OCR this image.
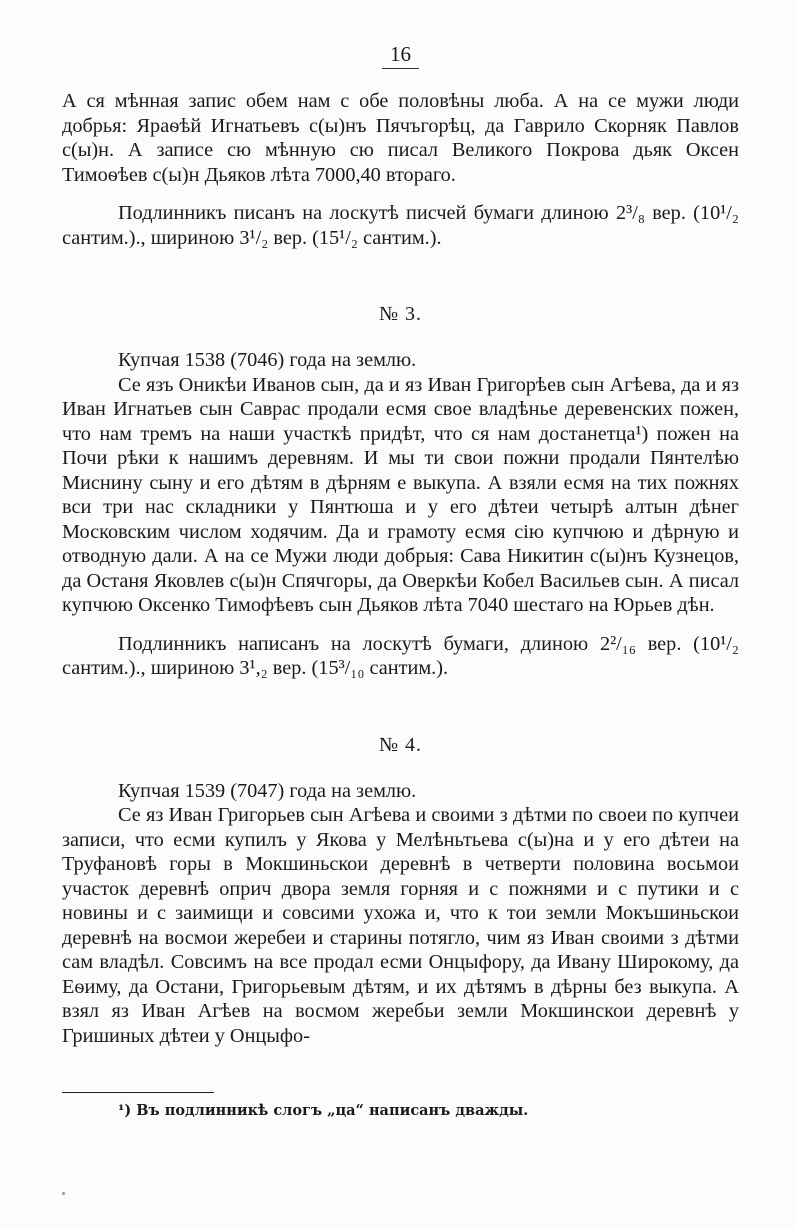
16

А ся мѣнная запис обем нам с обе половѣны люба. А на се мужи люди добрья: Яраѳѣй Игнатьевъ с(ы)нъ Пячъгорѣц, да Гаврило Скорняк Павлов с(ы)н. А записе сю мѣнную сю писал Великого Покрова дьяк Оксен Тимоѳѣев с(ы)н Дьяков лѣта 7000,40 втораго.

Подлинникъ писанъ на лоскутѣ писчей бумаги длиною 2³/₈ вер. (10¹/₂ сантим.)., шириною 3¹/₂ вер. (15¹/₂ сантим.).

№ 3.

Купчая 1538 (7046) года на землю.

Се язъ Оникѣи Иванов сын, да и яз Иван Григорѣев сын Агѣева, да и яз Иван Игнатьев сын Саврас продали есмя свое владѣнье деревенских пожен, что нам тремъ на наши участкѣ придѣт, что ся нам достанетца¹) пожен на Почи рѣки к нашимъ деревням. И мы ти свои пожни продали Пянтелѣю Миснину сыну и его дѣтям в дѣрням е выкупа. А взяли есмя на тих пожнях вси три нас складники у Пянтюша и у его дѣтеи четырѣ алтын дѣнег Московским числом ходячим. Да и грамоту есмя сiю купчюю и дѣрную и отводную дали. А на се Мужи люди добрыя: Сава Никитин с(ы)нъ Кузнецов, да Останя Яковлев с(ы)н Спячгоры, да Оверкѣи Кобел Васильев сын. А писал купчюю Оксенко Тимофѣевъ сын Дьяков лѣта 7040 шестаго на Юрьев дѣн.

Подлинникъ написанъ на лоскутѣ бумаги, длиною 2²/₁₆ вер. (10¹/₂ сантим.)., шириною 3¹,₂ вер. (15³/₁₀ сантим.).

№ 4.

Купчая 1539 (7047) года на землю.

Се яз Иван Григорьев сын Агѣева и своими з дѣтми по своеи по купчеи записи, что есми купилъ у Якова у Мелѣньтьева с(ы)на и у его дѣтеи на Труфановѣ горы в Мокшиньскои деревнѣ в четверти половина восьмои участок деревнѣ оприч двора земля горняя и с пожнями и с путики и с новины и с заимищи и совсими ухожа и, что к тои земли Мокъшиньскои деревнѣ на восмои жеребеи и старины потягло, чим яз Иван своими з дѣтми сам владѣл. Совсимъ на все продал есми Онцыфору, да Ивану Широкому, да Еѳиму, да Остани, Григорьевым дѣтям, и их дѣтямъ в дѣрны без выкупа. А взял яз Иван Агѣев на восмом жеребьи земли Мокшинскои деревнѣ у Гришиных дѣтеи у Онцыфо-

¹) Въ подлинникѣ слогъ „ца“ написанъ дважды.
